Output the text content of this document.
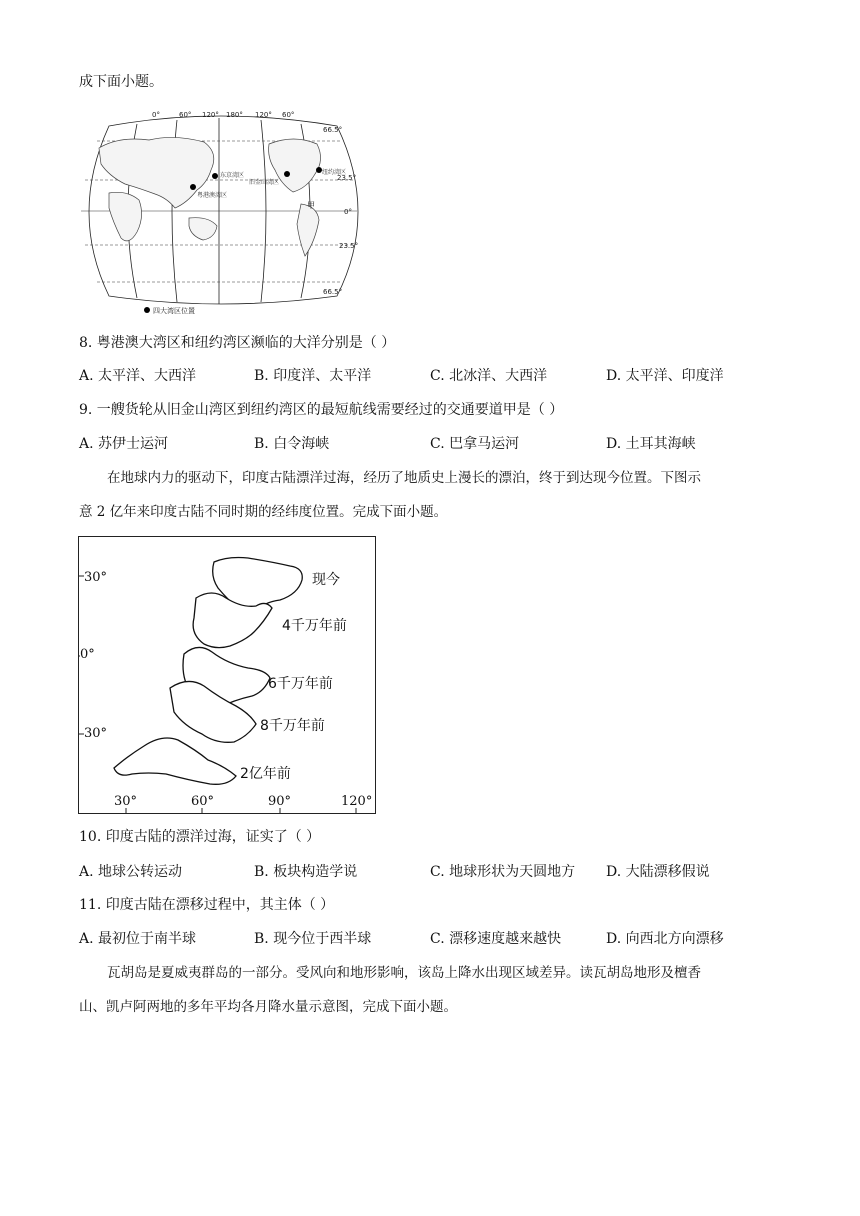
成下面小题。
0°	60° 120° 180° 120° 60°
66.5°
23.5°
0°
23.5°
66.5°
东京湾区
粤港澳湾区
旧金山湾区
纽约湾区
甲
四大湾区位置
8. 粤港澳大湾区和纽约湾区濒临的大洋分别是（ ）
A. 太平洋、大西洋	B. 印度洋、太平洋	C. 北冰洋、大西洋	D. 太平洋、印度洋
9. 一艘货轮从旧金山湾区到纽约湾区的最短航线需要经过的交通要道甲是（ ）
A. 苏伊士运河	B. 白令海峡	C. 巴拿马运河	D. 土耳其海峡
在地球内力的驱动下，印度古陆漂洋过海，经历了地质史上漫长的漂泊，终于到达现今位置。下图示
意 2 亿年来印度古陆不同时期的经纬度位置。完成下面小题。
现今
4千万年前
6千万年前
8千万年前
2亿年前
30°
0°
30°
30°	60°	90°	120°
10. 印度古陆的漂洋过海，证实了（ ）
A. 地球公转运动	B. 板块构造学说	C. 地球形状为天圆地方 D. 大陆漂移假说
11. 印度古陆在漂移过程中，其主体（ ）
A. 最初位于南半球	B. 现今位于西半球	C. 漂移速度越来越快	D. 向西北方向漂移
瓦胡岛是夏威夷群岛的一部分。受风向和地形影响，该岛上降水出现区域差异。读瓦胡岛地形及檀香
山、凯卢阿两地的多年平均各月降水量示意图，完成下面小题。
